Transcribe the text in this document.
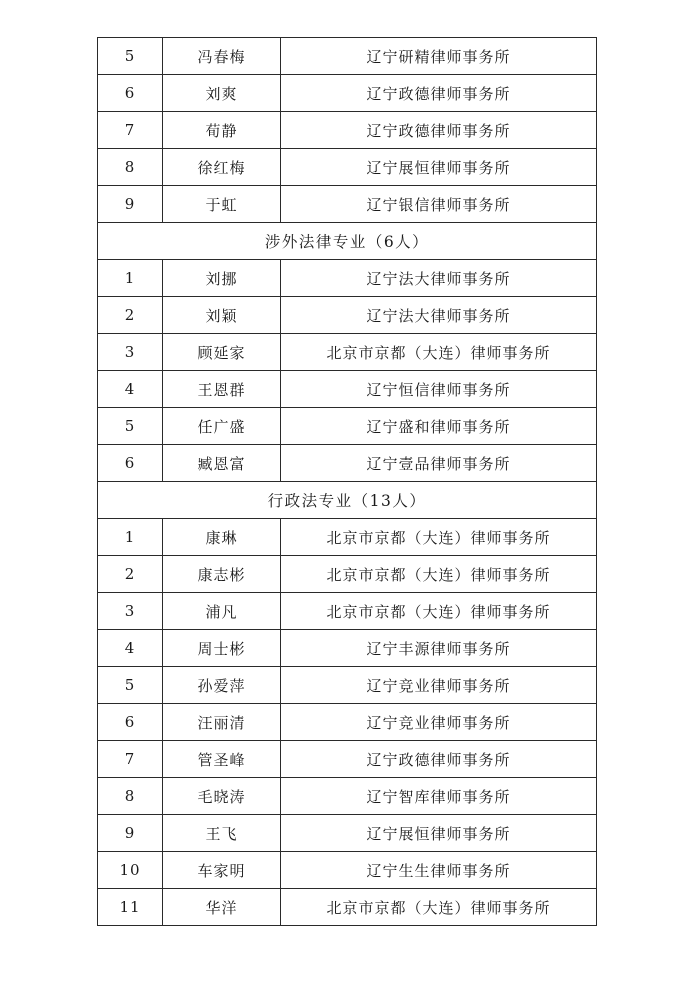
5	冯春梅	辽宁研精律师事务所
6	刘爽	辽宁政德律师事务所
7	荀静	辽宁政德律师事务所
8	徐红梅	辽宁展恒律师事务所
9	于虹	辽宁银信律师事务所
涉外法律专业（6人）		
1	刘挪	辽宁法大律师事务所
2	刘颖	辽宁法大律师事务所
3	顾延家	北京市京都（大连）律师事务所
4	王恩群	辽宁恒信律师事务所
5	任广盛	辽宁盛和律师事务所
6	臧恩富	辽宁壹品律师事务所
行政法专业（13人）		
1	康琳	北京市京都（大连）律师事务所
2	康志彬	北京市京都（大连）律师事务所
3	浦凡	北京市京都（大连）律师事务所
4	周士彬	辽宁丰源律师事务所
5	孙爱萍	辽宁竞业律师事务所
6	汪丽清	辽宁竞业律师事务所
7	管圣峰	辽宁政德律师事务所
8	毛晓涛	辽宁智库律师事务所
9	王飞	辽宁展恒律师事务所
10	车家明	辽宁生生律师事务所
11	华洋	北京市京都（大连）律师事务所
